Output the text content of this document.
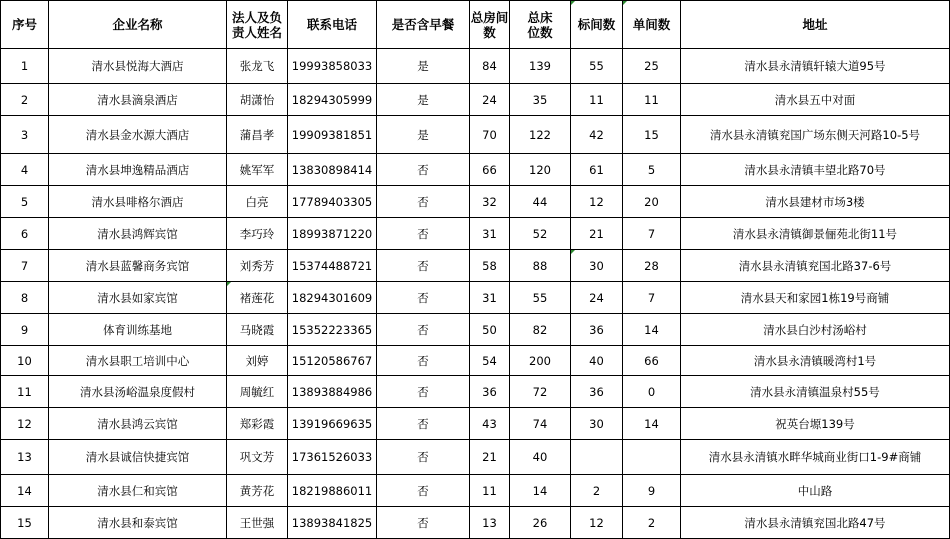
序号	企业名称	法人及负责人姓名	联系电话	是否含早餐	总房间数	总床位数	标间数	单间数	地址
1	清水县悦海大酒店	张龙飞	19993858033	是	84	139	55	25	清水县永清镇轩辕大道95号
2	清水县滴泉酒店	胡潇怡	18294305999	是	24	35	11	11	清水县五中对面
3	清水县金水源大酒店	蒲昌孝	19909381851	是	70	122	42	15	清水县永清镇兖国广场东侧天河路10-5号
4	清水县坤逸精品酒店	姚军军	13830898414	否	66	120	61	5	清水县永清镇丰望北路70号
5	清水县啡格尔酒店	白亮	17789403305	否	32	44	12	20	清水县建材市场3楼
6	清水县鸿辉宾馆	李巧玲	18993871220	否	31	52	21	7	清水县永清镇御景俪苑北街11号
7	清水县蓝馨商务宾馆	刘秀芳	15374488721	否	58	88	30	28	清水县永清镇兖国北路37-6号
8	清水县如家宾馆	褚莲花	18294301609	否	31	55	24	7	清水县天和家园1栋19号商铺
9	体育训练基地	马晓霞	15352223365	否	50	82	36	14	清水县白沙村汤峪村
10	清水县职工培训中心	刘婷	15120586767	否	54	200	40	66	清水县永清镇暖湾村1号
11	清水县汤峪温泉度假村	周毓红	13893884986	否	36	72	36	0	清水县永清镇温泉村55号
12	清水县鸿云宾馆	郑彩霞	13919669635	否	43	74	30	14	祝英台塬139号
13	清水县诚信快捷宾馆	巩文芳	17361526033	否	21	40			清水县永清镇水畔华城商业街口1-9#商铺
14	清水县仁和宾馆	黄芳花	18219886011	否	11	14	2	9	中山路
15	清水县和泰宾馆	王世强	13893841825	否	13	26	12	2	清水县永清镇兖国北路47号
